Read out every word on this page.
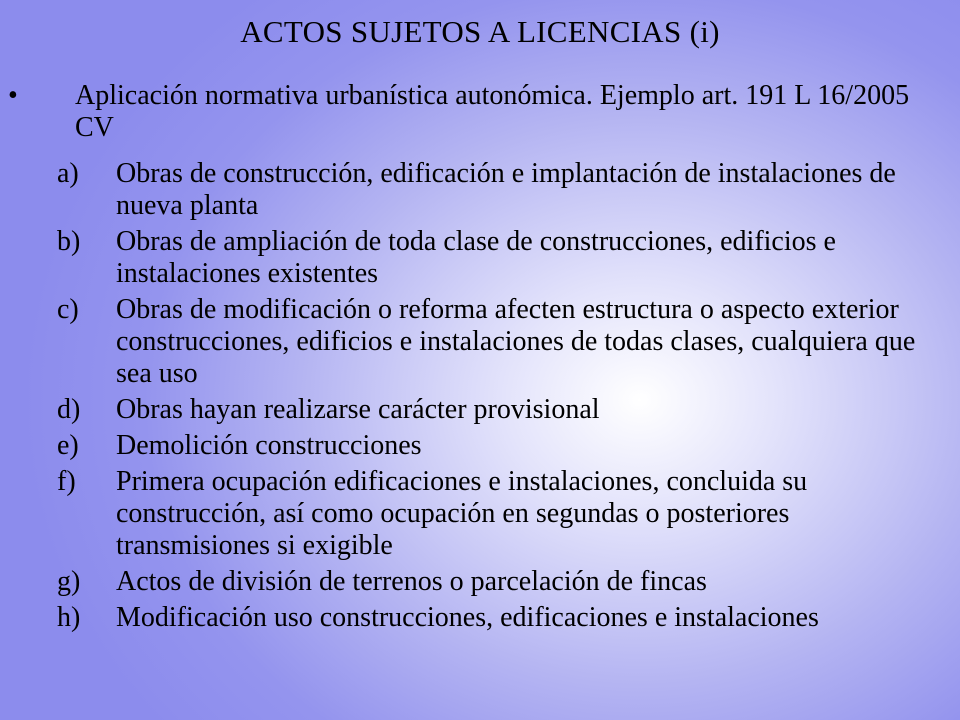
ACTOS SUJETOS A LICENCIAS (i)
• Aplicación normativa urbanística autonómica. Ejemplo art. 191 L 16/2005 CV
a) Obras de construcción, edificación e implantación de instalaciones de nueva planta
b) Obras de ampliación de toda clase de construcciones, edificios e instalaciones existentes
c) Obras de modificación o reforma afecten estructura o aspecto exterior construcciones, edificios e instalaciones de todas clases, cualquiera que sea uso
d) Obras hayan realizarse carácter provisional
e) Demolición construcciones
f) Primera ocupación edificaciones e instalaciones, concluida su construcción, así como ocupación en segundas o posteriores transmisiones si exigible
g) Actos de división de terrenos o parcelación de fincas
h) Modificación uso construcciones, edificaciones e instalaciones
